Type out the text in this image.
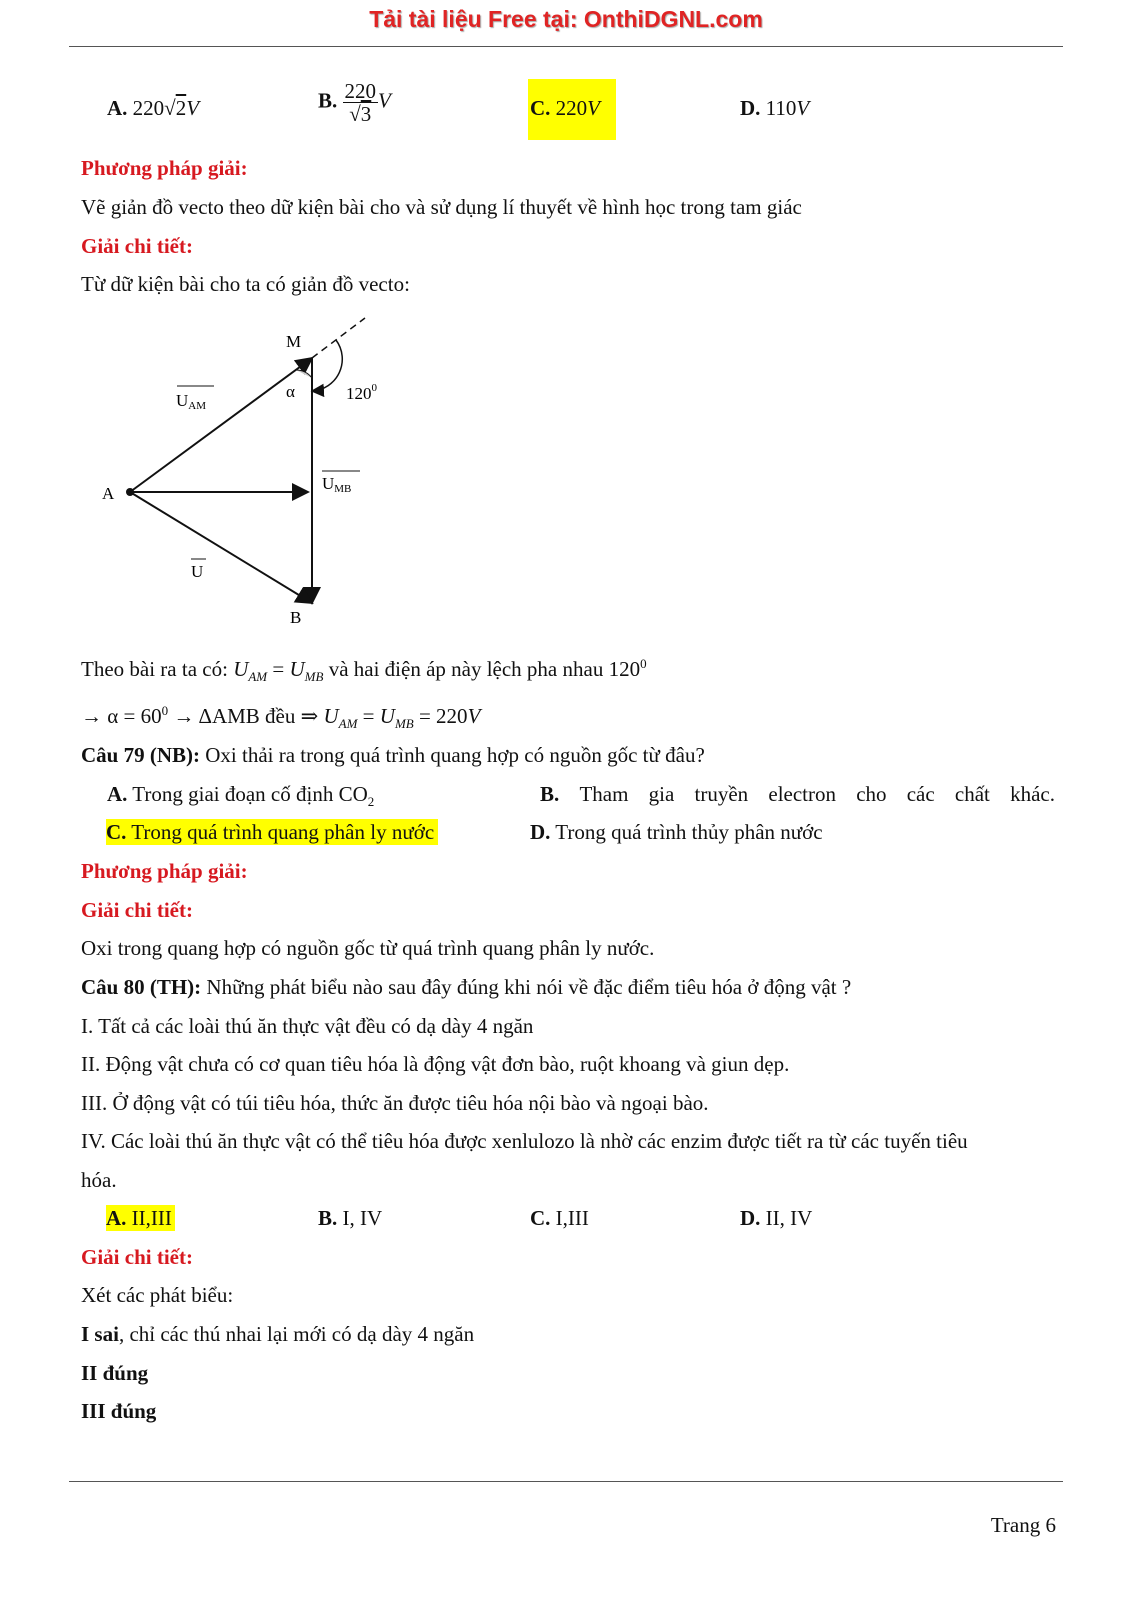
Tải tài liệu Free tại: OnthiDGNL.com
A. 220√2V	B. $\frac{220}{√3}$ V	C. 220V	D. 110V
Phương pháp giải:
Vẽ giản đồ vecto theo dữ kiện bài cho và sử dụng lí thuyết về hình học trong tam giác
Giải chi tiết:
Từ dữ kiện bài cho ta có giản đồ vecto:
M
A
B
α	$120^0$
UAM
UMB
U
Theo bài ra ta có: $U_{AM} = U_{MB}$ và hai điện áp này lệch pha nhau $120^0$
→ $\alpha = 60^0 \to \Delta AMB$ đều ⇒ $U_{AM} = U_{MB} = 220V$
Câu 79 (NB): Oxi thải ra trong quá trình quang hợp có nguồn gốc từ đâu?
A. Trong giai đoạn cố định $CO_2$	B. Tham gia truyền electron cho các chất khác.
C. Trong quá trình quang phân ly nước	D. Trong quá trình thủy phân nước
Phương pháp giải:
Giải chi tiết:
Oxi trong quang hợp có nguồn gốc từ quá trình quang phân ly nước.
Câu 80 (TH): Những phát biểu nào sau đây đúng khi nói về đặc điểm tiêu hóa ở động vật ?
I. Tất cả các loài thú ăn thực vật đều có dạ dày 4 ngăn
II. Động vật chưa có cơ quan tiêu hóa là động vật đơn bào, ruột khoang và giun dẹp.
III. Ở động vật có túi tiêu hóa, thức ăn được tiêu hóa nội bào và ngoại bào.
IV. Các loài thú ăn thực vật có thể tiêu hóa được xenlulozo là nhờ các enzim được tiết ra từ các tuyến tiêu
hóa.
A. II,III	B. I, IV	C. I,III	D. II, IV
Giải chi tiết:
Xét các phát biểu:
I sai, chỉ các thú nhai lại mới có dạ dày 4 ngăn
II đúng
III đúng
Trang 6
